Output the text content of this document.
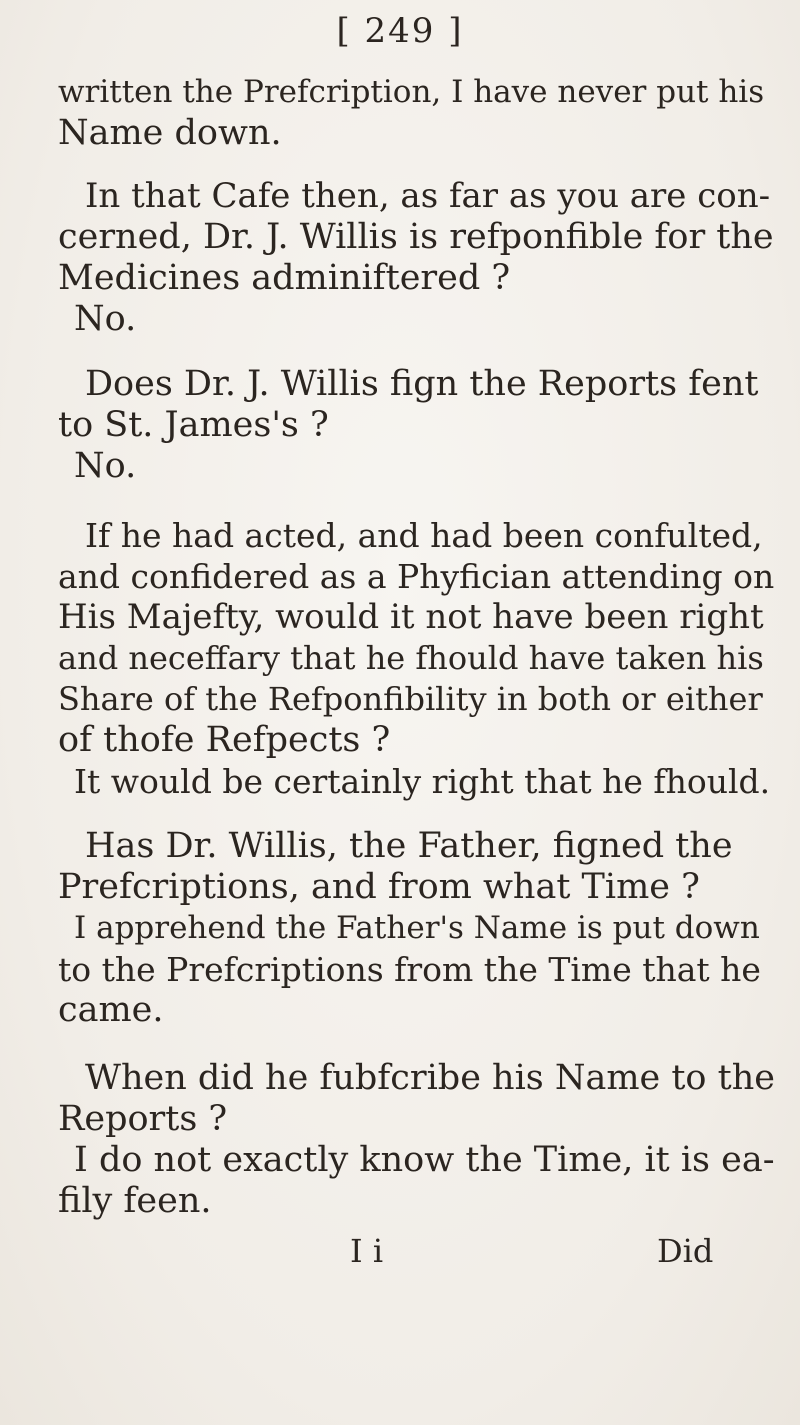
[ 249 ]
written the Prefcription, I have never put his
Name down.
In that Cafe then, as far as you are con-
cerned, Dr. J. Willis is refponfible for the
Medicines adminiftered ?
No.
Does Dr. J. Willis fign the Reports fent
to St. James's ?
No.
If he had acted, and had been confulted,
and confidered as a Phyfician attending on
His Majefty, would it not have been right
and neceffary that he fhould have taken his
Share of the Refponfibility in both or either
of thofe Refpects ?
It would be certainly right that he fhould.
Has Dr. Willis, the Father, figned the
Prefcriptions, and from what Time ?
I apprehend the Father's Name is put down
to the Prefcriptions from the Time that he
came.
When did he fubfcribe his Name to the
Reports ?
I do not exactly know the Time, it is ea-
fily feen.
I i	Did
